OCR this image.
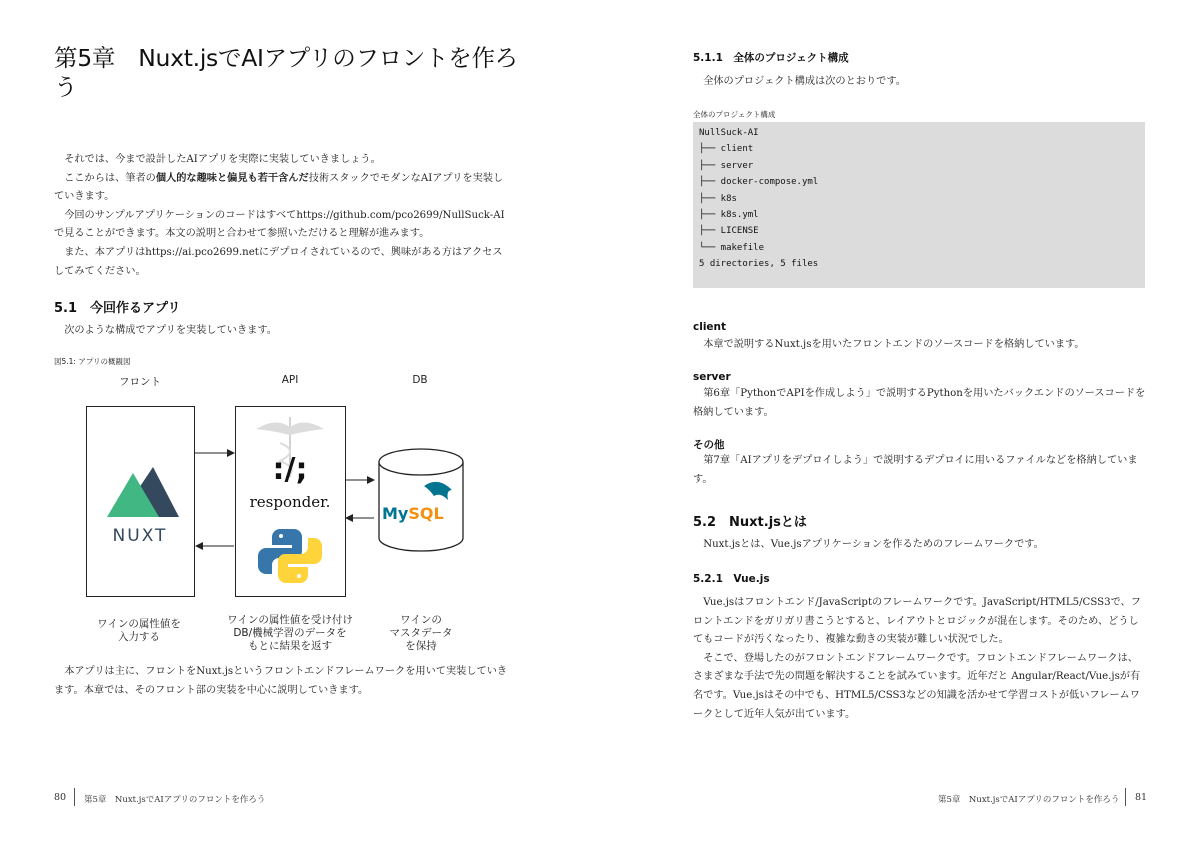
第5章　Nuxt.jsでAIアプリのフロントを作ろ
う

それでは、今まで設計したAIアプリを実際に実装していきましょう。

ここからは、筆者の個人的な趣味と偏見も若干含んだ技術スタックでモダンなAIアプリを実装していきます。

今回のサンプルアプリケーションのコードはすべてhttps://github.com/pco2699/NullSuck-AIで見ることができます。本文の説明と合わせて参照いただけると理解が進みます。

また、本アプリはhttps://ai.pco2699.netにデプロイされているので、興味がある方はアクセスしてみてください。

5.1　今回作るアプリ

次のような構成でアプリを実装していきます。

図5.1: アプリの概観図
フロント	API	DB
NUXT
:/;
responder.
MySQL
ワインの属性値を
入力する
ワインの属性値を受け付け
DB/機械学習のデータを
もとに結果を返す
ワインの
マスタデータ
を保持

本アプリは主に、フロントをNuxt.jsというフロントエンドフレームワークを用いて実装していきます。本章では、そのフロント部の実装を中心に説明していきます。

80 第5章　Nuxt.jsでAIアプリのフロントを作ろう
5.1.1　全体のプロジェクト構成

全体のプロジェクト構成は次のとおりです。

全体のプロジェクト構成
NullSuck-AI
├── client
├── server
├── docker-compose.yml
├── k8s
├── k8s.yml
├── LICENSE
└── makefile
5 directories, 5 files
client

本章で説明するNuxt.jsを用いたフロントエンドのソースコードを格納しています。

server

第6章「PythonでAPIを作成しよう」で説明するPythonを用いたバックエンドのソースコードを格納しています。

その他

第7章「AIアプリをデプロイしよう」で説明するデプロイに用いるファイルなどを格納しています。

5.2　Nuxt.jsとは

Nuxt.jsとは、Vue.jsアプリケーションを作るためのフレームワークです。

5.2.1　Vue.js

Vue.jsはフロントエンド/JavaScriptのフレームワークです。JavaScript/HTML5/CSS3で、フロントエンドをガリガリ書こうとすると、レイアウトとロジックが混在します。そのため、どうしてもコードが汚くなったり、複雑な動きの実装が難しい状況でした。

そこで、登場したのがフロントエンドフレームワークです。フロントエンドフレームワークは、さまざまな手法で先の問題を解決することを試みています。近年だと Angular/React/Vue.jsが有名です。Vue.jsはその中でも、HTML5/CSS3などの知識を活かせて学習コストが低いフレームワークとして近年人気が出ています。

第5章　Nuxt.jsでAIアプリのフロントを作ろう 81
